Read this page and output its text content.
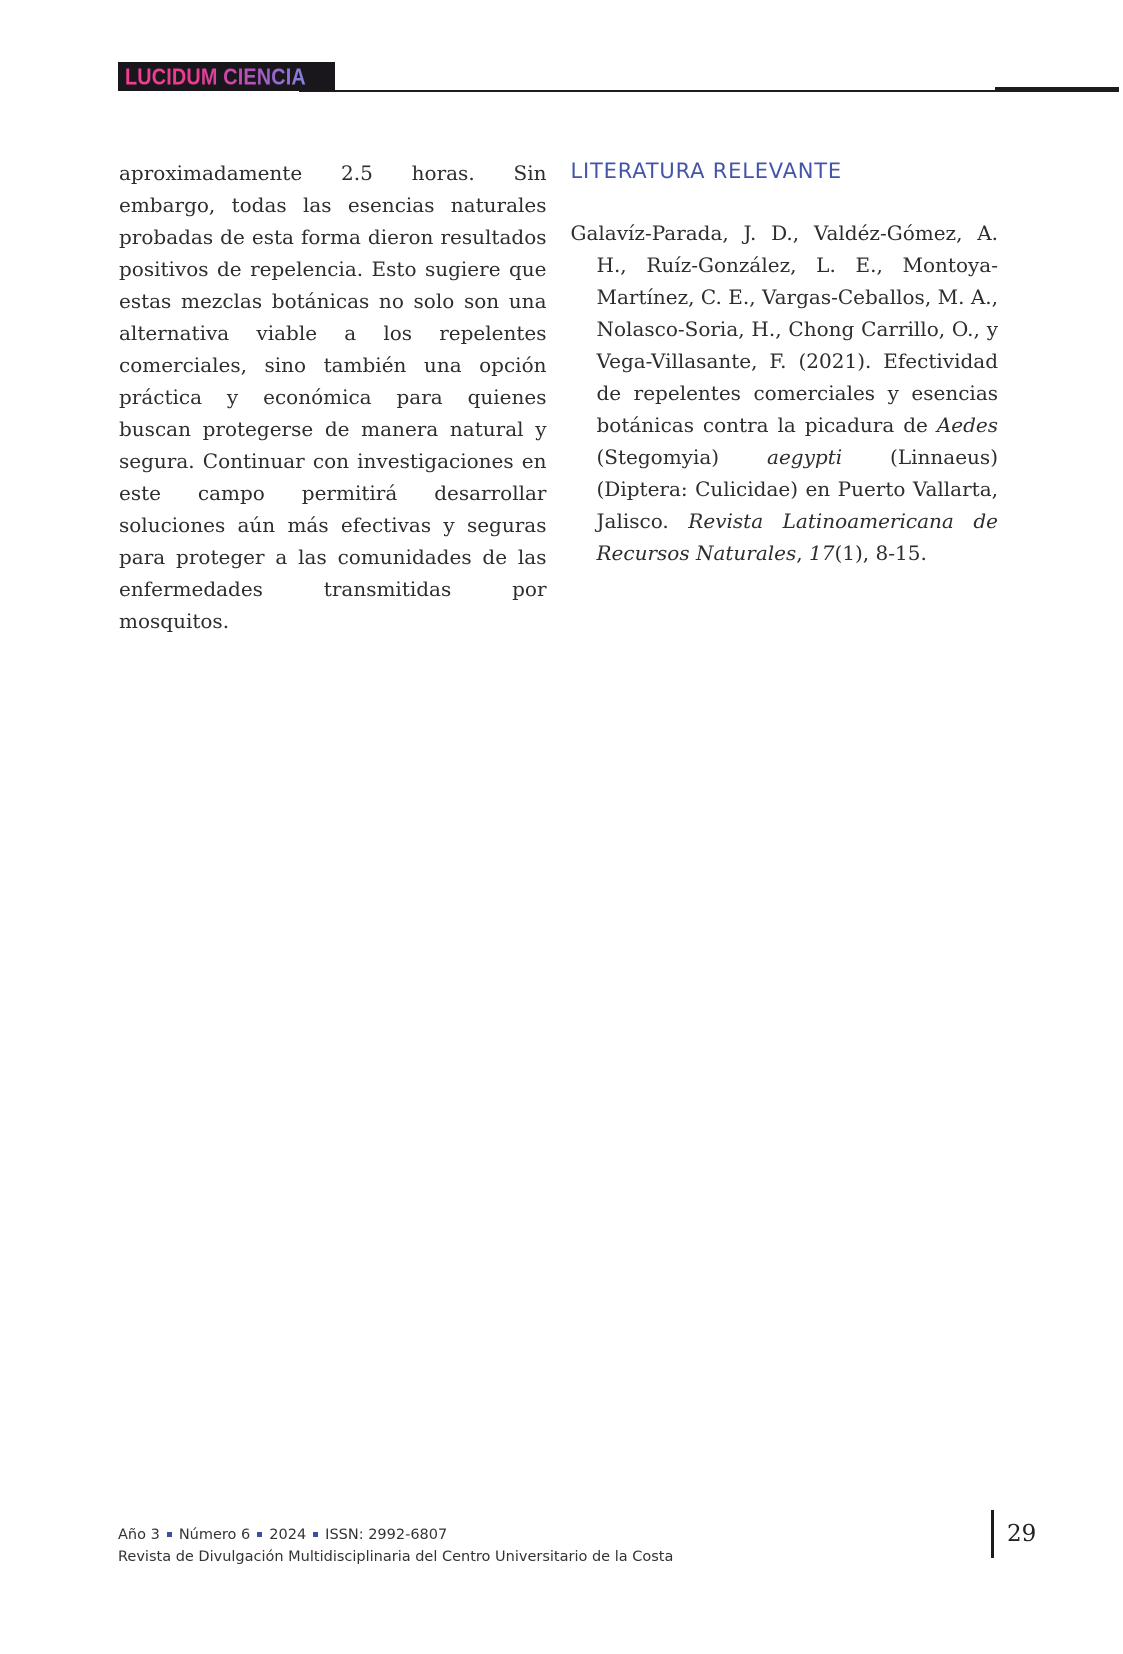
LUCIDUM CIENCIA

aproximadamente 2.5 horas. Sin embargo, todas las esencias naturales probadas de esta forma dieron resultados positivos de repelencia. Esto sugiere que estas mezclas botánicas no solo son una alternativa viable a los repelentes comerciales, sino también una opción práctica y económica para quienes buscan protegerse de manera natural y segura. Continuar con investigaciones en este campo permitirá desarrollar soluciones aún más efectivas y seguras para proteger a las comunidades de las enfermedades transmitidas por mosquitos.

LITERATURA RELEVANTE

Galavíz-Parada, J. D., Valdéz-Gómez, A. H., Ruíz-González, L. E., Montoya-Martínez, C. E., Vargas-Ceballos, M. A., Nolasco-Soria, H., Chong Carrillo, O., y Vega-Villasante, F. (2021). Efectividad de repelentes comerciales y esencias botánicas contra la picadura de Aedes (Stegomyia) aegypti (Linnaeus) (Diptera: Culicidae) en Puerto Vallarta, Jalisco. Revista Latinoamericana de Recursos Naturales, 17(1), 8-15.

Año 3 Número 6 2024 ISSN: 2992-6807
Revista de Divulgación Multidisciplinaria del Centro Universitario de la Costa
29
